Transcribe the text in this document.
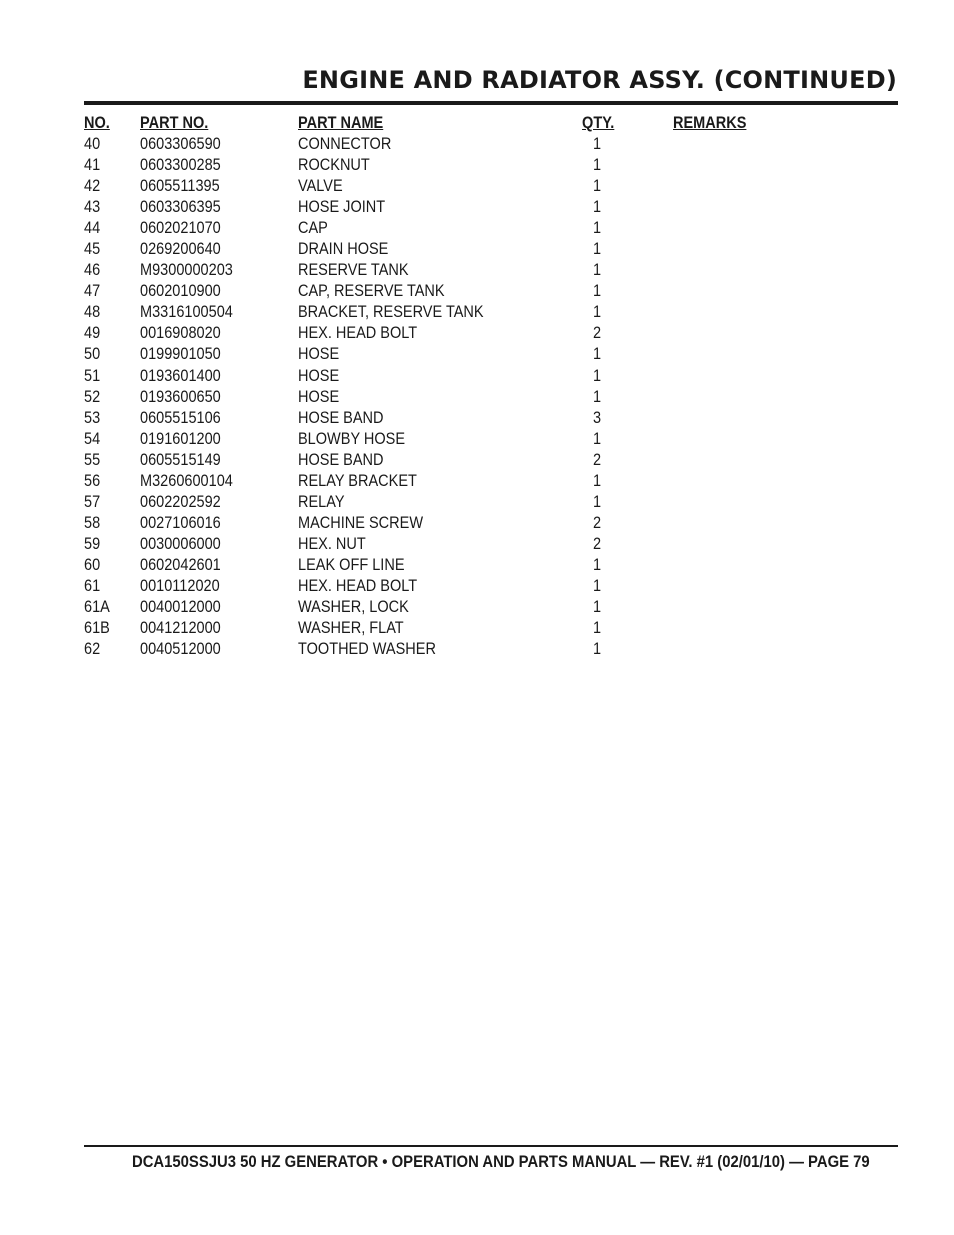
ENGINE AND RADIATOR ASSY. (CONTINUED)
NO. PART NO.	PART NAME	QTY.	REMARKS
40 0603306590	CONNECTOR	1
41 0603300285	ROCKNUT	1
42 0605511395	VALVE	1
43 0603306395	HOSE JOINT	1
44 0602021070	CAP	1
45 0269200640	DRAIN HOSE	1
46 M9300000203	RESERVE TANK	1
47 0602010900	CAP, RESERVE TANK	1
48 M3316100504	BRACKET, RESERVE TANK	1
49 0016908020	HEX. HEAD BOLT	2
50 0199901050	HOSE	1
51 0193601400	HOSE	1
52 0193600650	HOSE	1
53 0605515106	HOSE BAND	3
54 0191601200	BLOWBY HOSE	1
55 0605515149	HOSE BAND	2
56 M3260600104	RELAY BRACKET	1
57 0602202592	RELAY	1
58 0027106016	MACHINE SCREW	2
59 0030006000	HEX. NUT	2
60 0602042601	LEAK OFF LINE	1
61 0010112020	HEX. HEAD BOLT	1
61A 0040012000	WASHER, LOCK	1
61B 0041212000	WASHER, FLAT	1
62 0040512000	TOOTHED WASHER	1
DCA150SSJU3 50 HZ GENERATOR • OPERATION AND PARTS MANUAL — REV. #1 (02/01/10) — PAGE 79
